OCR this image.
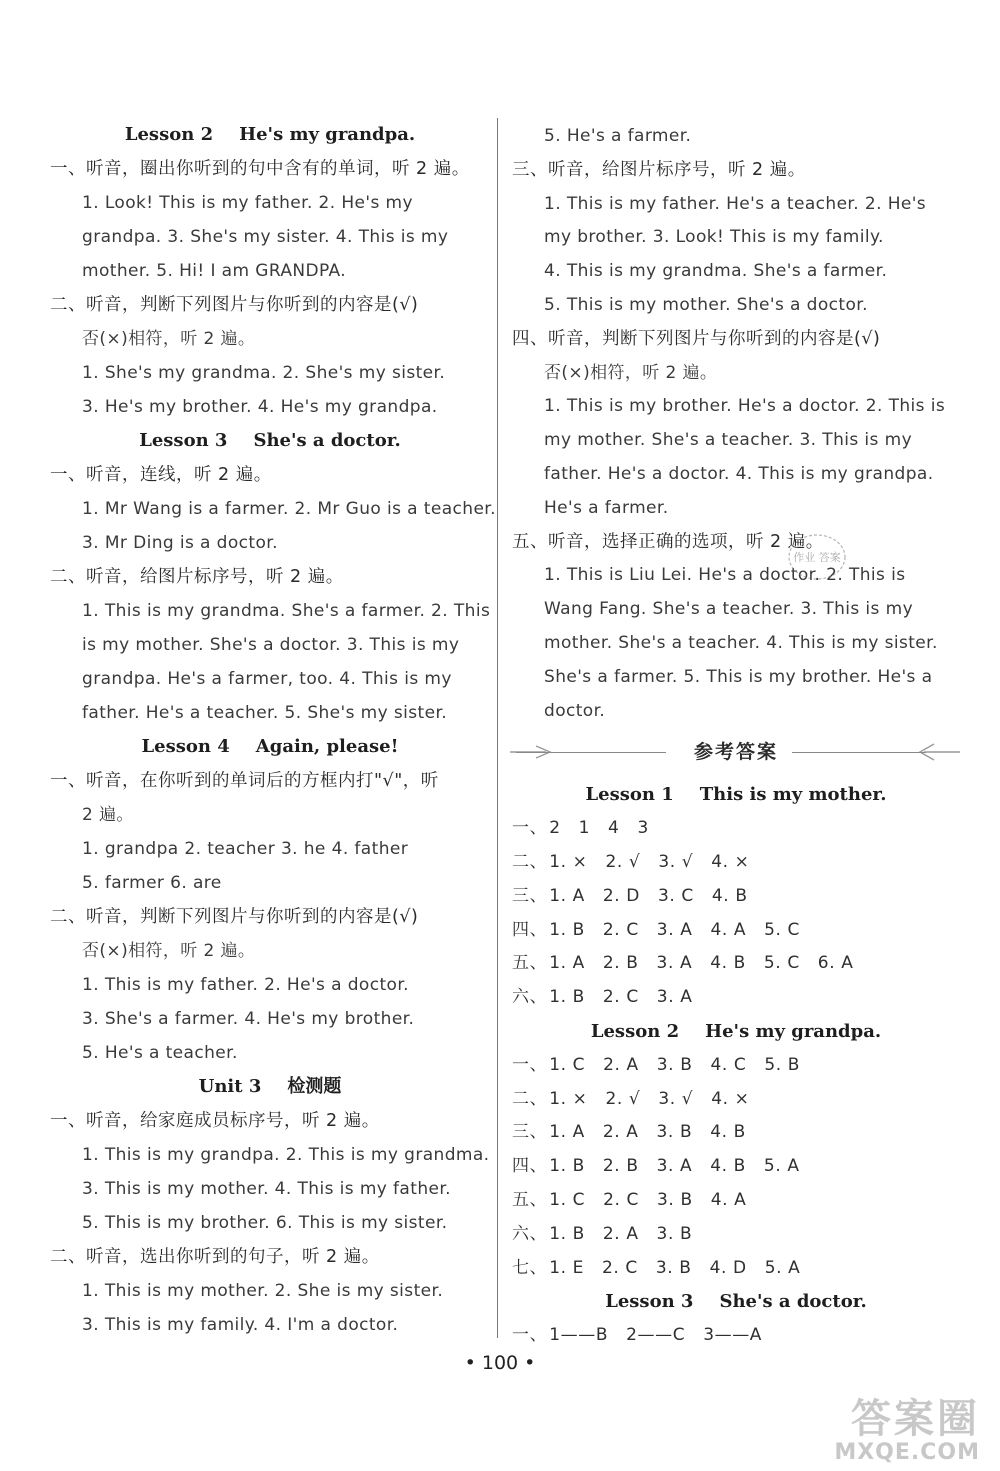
Lesson 2 He's my grandpa.
一、听音，圈出你听到的句中含有的单词，听 2 遍。
1. Look! This is my father. 2. He's my
grandpa. 3. She's my sister. 4. This is my
mother. 5. Hi! I am GRANDPA.
二、听音，判断下列图片与你听到的内容是(√)
否(×)相符，听 2 遍。
1. She's my grandma. 2. She's my sister.
3. He's my brother. 4. He's my grandpa.
Lesson 3 She's a doctor.
一、听音，连线，听 2 遍。
1. Mr Wang is a farmer. 2. Mr Guo is a teacher.
3. Mr Ding is a doctor.
二、听音，给图片标序号，听 2 遍。
1. This is my grandma. She's a farmer. 2. This
is my mother. She's a doctor. 3. This is my
grandpa. He's a farmer, too. 4. This is my
father. He's a teacher. 5. She's my sister.
Lesson 4 Again, please!
一、听音，在你听到的单词后的方框内打"√"，听
2 遍。
1. grandpa 2. teacher 3. he 4. father
5. farmer 6. are
二、听音，判断下列图片与你听到的内容是(√)
否(×)相符，听 2 遍。
1. This is my father. 2. He's a doctor.
3. She's a farmer. 4. He's my brother.
5. He's a teacher.
Unit 3 检测题
一、听音，给家庭成员标序号，听 2 遍。
1. This is my grandpa. 2. This is my grandma.
3. This is my mother. 4. This is my father.
5. This is my brother. 6. This is my sister.
二、听音，选出你听到的句子，听 2 遍。
1. This is my mother. 2. She is my sister.
3. This is my family. 4. I'm a doctor.
5. He's a farmer.
三、听音，给图片标序号，听 2 遍。
1. This is my father. He's a teacher. 2. He's
my brother. 3. Look! This is my family.
4. This is my grandma. She's a farmer.
5. This is my mother. She's a doctor.
四、听音，判断下列图片与你听到的内容是(√)
否(×)相符，听 2 遍。
1. This is my brother. He's a doctor. 2. This is
my mother. She's a teacher. 3. This is my
father. He's a doctor. 4. This is my grandpa.
He's a farmer.
五、听音，选择正确的选项，听 2 遍。
1. This is Liu Lei. He's a doctor. 2. This is
Wang Fang. She's a teacher. 3. This is my
mother. She's a teacher. 4. This is my sister.
She's a farmer. 5. This is my brother. He's a
doctor.
参考答案
Lesson 1 This is my mother.
一、 2 1 4 3
二、 1. × 2. √ 3. √ 4. ×
三、 1. A 2. D 3. C 4. B
四、 1. B 2. C 3. A 4. A 5. C
五、 1. A 2. B 3. A 4. B 5. C 6. A
六、 1. B 2. C 3. A
Lesson 2 He's my grandpa.
一、 1. C 2. A 3. B 4. C 5. B
二、 1. × 2. √ 3. √ 4. ×
三、 1. A 2. A 3. B 4. B
四、 1. B 2. B 3. A 4. B 5. A
五、 1. C 2. C 3. B 4. A
六、 1. B 2. A 3. B
七、 1. E 2. C 3. B 4. D 5. A
Lesson 3 She's a doctor.
一、 1——B 2——C 3——A
• 100 •
作业 答案
答案圈
MXQE.COM
